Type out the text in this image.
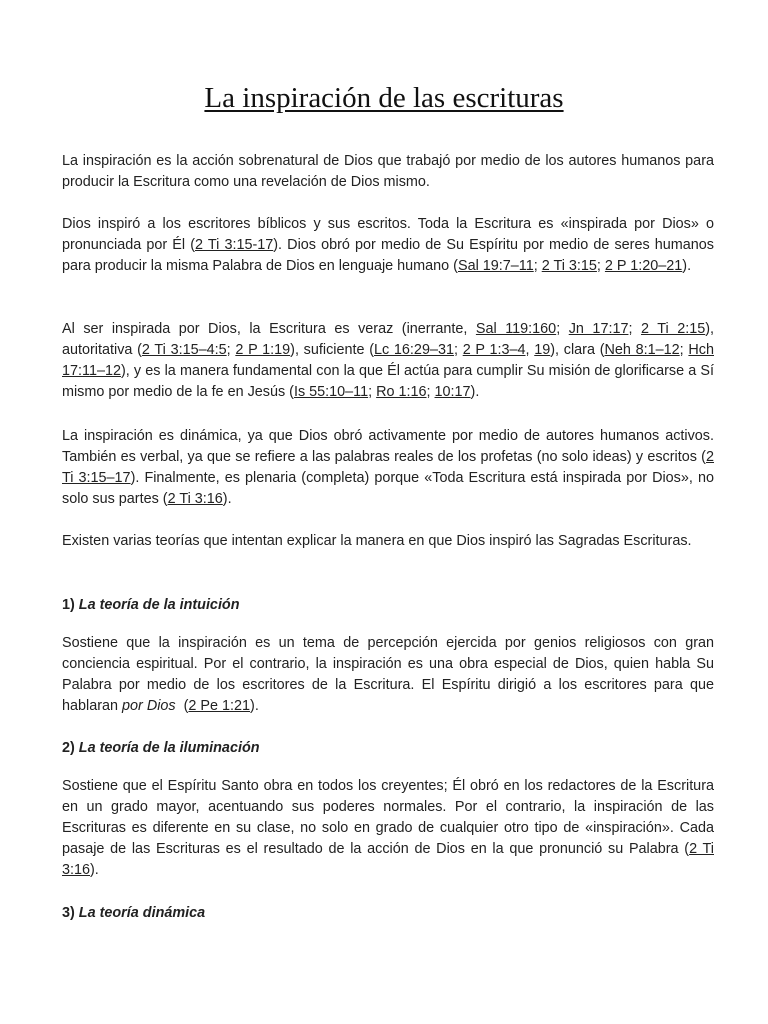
La inspiración de las escrituras

La inspiración es la acción sobrenatural de Dios que trabajó por medio de los autores humanos para producir la Escritura como una revelación de Dios mismo.

Dios inspiró a los escritores bíblicos y sus escritos. Toda la Escritura es «inspirada por Dios» o pronunciada por Él (2 Ti 3:15-17). Dios obró por medio de Su Espíritu por medio de seres humanos para producir la misma Palabra de Dios en lenguaje humano (Sal 19:7–11; 2 Ti 3:15; 2 P 1:20–21).

Al ser inspirada por Dios, la Escritura es veraz (inerrante, Sal 119:160; Jn 17:17; 2 Ti 2:15), autoritativa (2 Ti 3:15–4:5; 2 P 1:19), suficiente (Lc 16:29–31; 2 P 1:3–4, 19), clara (Neh 8:1–12; Hch 17:11–12), y es la manera fundamental con la que Él actúa para cumplir Su misión de glorificarse a Sí mismo por medio de la fe en Jesús (Is 55:10–11; Ro 1:16; 10:17).

La inspiración es dinámica, ya que Dios obró activamente por medio de autores humanos activos. También es verbal, ya que se refiere a las palabras reales de los profetas (no solo ideas) y escritos (2 Ti 3:15–17). Finalmente, es plenaria (completa) porque «Toda Escritura está inspirada por Dios», no solo sus partes (2 Ti 3:16).

Existen varias teorías que intentan explicar la manera en que Dios inspiró las Sagradas Escrituras.

1) La teoría de la intuición

Sostiene que la inspiración es un tema de percepción ejercida por genios religiosos con gran conciencia espiritual. Por el contrario, la inspiración es una obra especial de Dios, quien habla Su Palabra por medio de los escritores de la Escritura. El Espíritu dirigió a los escritores para que hablaran por Dios  (2 Pe 1:21).

2) La teoría de la iluminación

Sostiene que el Espíritu Santo obra en todos los creyentes; Él obró en los redactores de la Escritura en un grado mayor, acentuando sus poderes normales. Por el contrario, la inspiración de las Escrituras es diferente en su clase, no solo en grado de cualquier otro tipo de «inspiración». Cada pasaje de las Escrituras es el resultado de la acción de Dios en la que pronunció su Palabra (2 Ti 3:16).

3) La teoría dinámica
